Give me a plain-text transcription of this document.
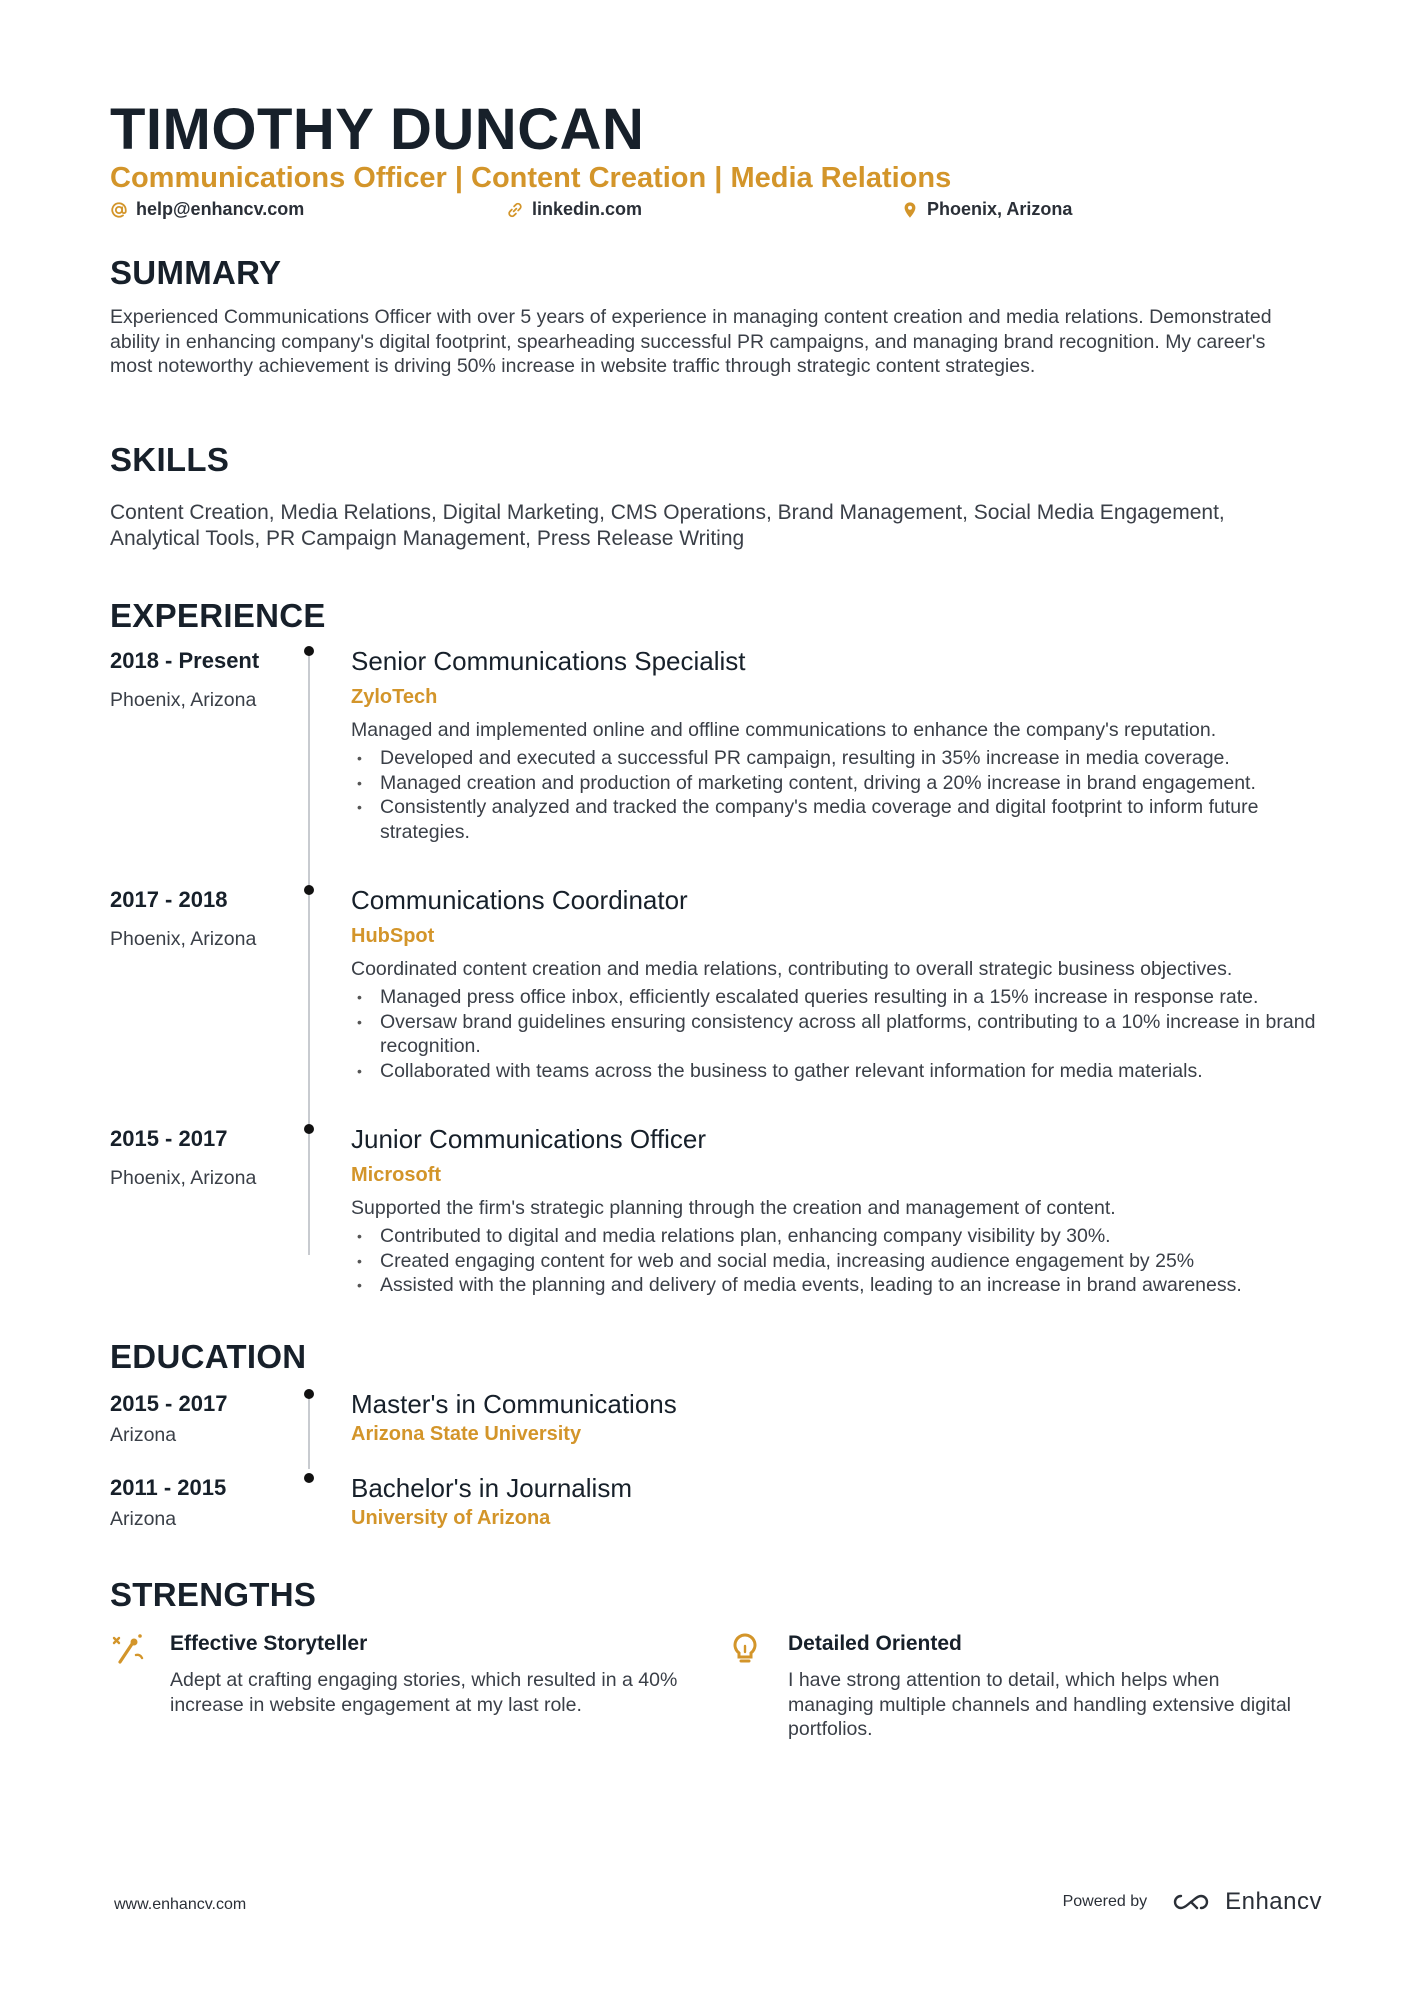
TIMOTHY DUNCAN
Communications Officer | Content Creation | Media Relations
help@enhancv.com	linkedin.com	Phoenix, Arizona
SUMMARY

Experienced Communications Officer with over 5 years of experience in managing content creation and media relations. Demonstrated ability in enhancing company's digital footprint, spearheading successful PR campaigns, and managing brand recognition. My career's most noteworthy achievement is driving 50% increase in website traffic through strategic content strategies.

SKILLS

Content Creation, Media Relations, Digital Marketing, CMS Operations, Brand Management, Social Media Engagement, Analytical Tools, PR Campaign Management, Press Release Writing

EXPERIENCE
2018 - Present
Phoenix, Arizona
Senior Communications Specialist
ZyloTech
Managed and implemented online and offline communications to enhance the company's reputation.
• Developed and executed a successful PR campaign, resulting in 35% increase in media coverage.
• Managed creation and production of marketing content, driving a 20% increase in brand engagement.
• Consistently analyzed and tracked the company's media coverage and digital footprint to inform future strategies.
2017 - 2018
Phoenix, Arizona
Communications Coordinator
HubSpot
Coordinated content creation and media relations, contributing to overall strategic business objectives.
• Managed press office inbox, efficiently escalated queries resulting in a 15% increase in response rate.
• Oversaw brand guidelines ensuring consistency across all platforms, contributing to a 10% increase in brand recognition.
• Collaborated with teams across the business to gather relevant information for media materials.
2015 - 2017
Phoenix, Arizona
Junior Communications Officer
Microsoft
Supported the firm's strategic planning through the creation and management of content.
• Contributed to digital and media relations plan, enhancing company visibility by 30%.
• Created engaging content for web and social media, increasing audience engagement by 25%
• Assisted with the planning and delivery of media events, leading to an increase in brand awareness.
EDUCATION
2015 - 2017
Arizona
Master's in Communications
Arizona State University
2011 - 2015
Arizona
Bachelor's in Journalism
University of Arizona
STRENGTHS
Effective Storyteller
Adept at crafting engaging stories, which resulted in a 40% increase in website engagement at my last role.
Detailed Oriented
I have strong attention to detail, which helps when managing multiple channels and handling extensive digital portfolios.
www.enhancv.com	Powered by	Enhancv
